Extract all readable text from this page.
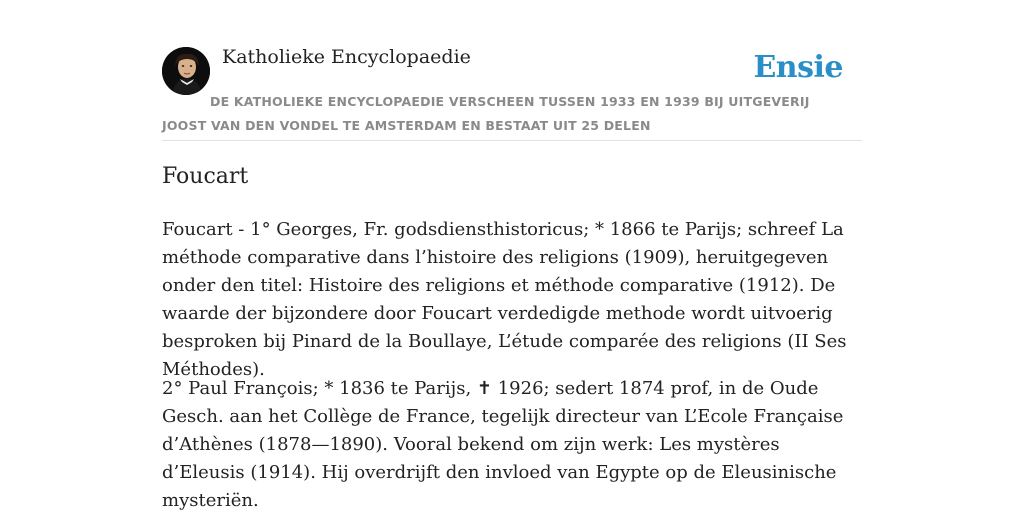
Katholieke Encyclopaedie	Ensie
DE KATHOLIEKE ENCYCLOPAEDIE VERSCHEEN TUSSEN 1933 EN 1939 BIJ UITGEVERIJ JOOST VAN DEN VONDEL TE AMSTERDAM EN BESTAAT UIT 25 DELEN
Foucart

Foucart - 1° Georges, Fr. godsdiensthistoricus; * 1866 te Parijs; schreef La méthode comparative dans l’histoire des religions (1909), heruitgegeven onder den titel: Histoire des religions et méthode comparative (1912). De waarde der bijzondere door Foucart verdedigde methode wordt uitvoerig besproken bij Pinard de la Boullaye, L’étude comparée des religions (II Ses Méthodes).

2° Paul François; * 1836 te Parijs, ✝ 1926; sedert 1874 prof, in de Oude Gesch. aan het Collège de France, tegelijk directeur van L’Ecole Française d’Athènes (1878—1890). Vooral bekend om zijn werk: Les mystères d’Eleusis (1914). Hij overdrijft den invloed van Egypte op de Eleusinische mysteriën.
